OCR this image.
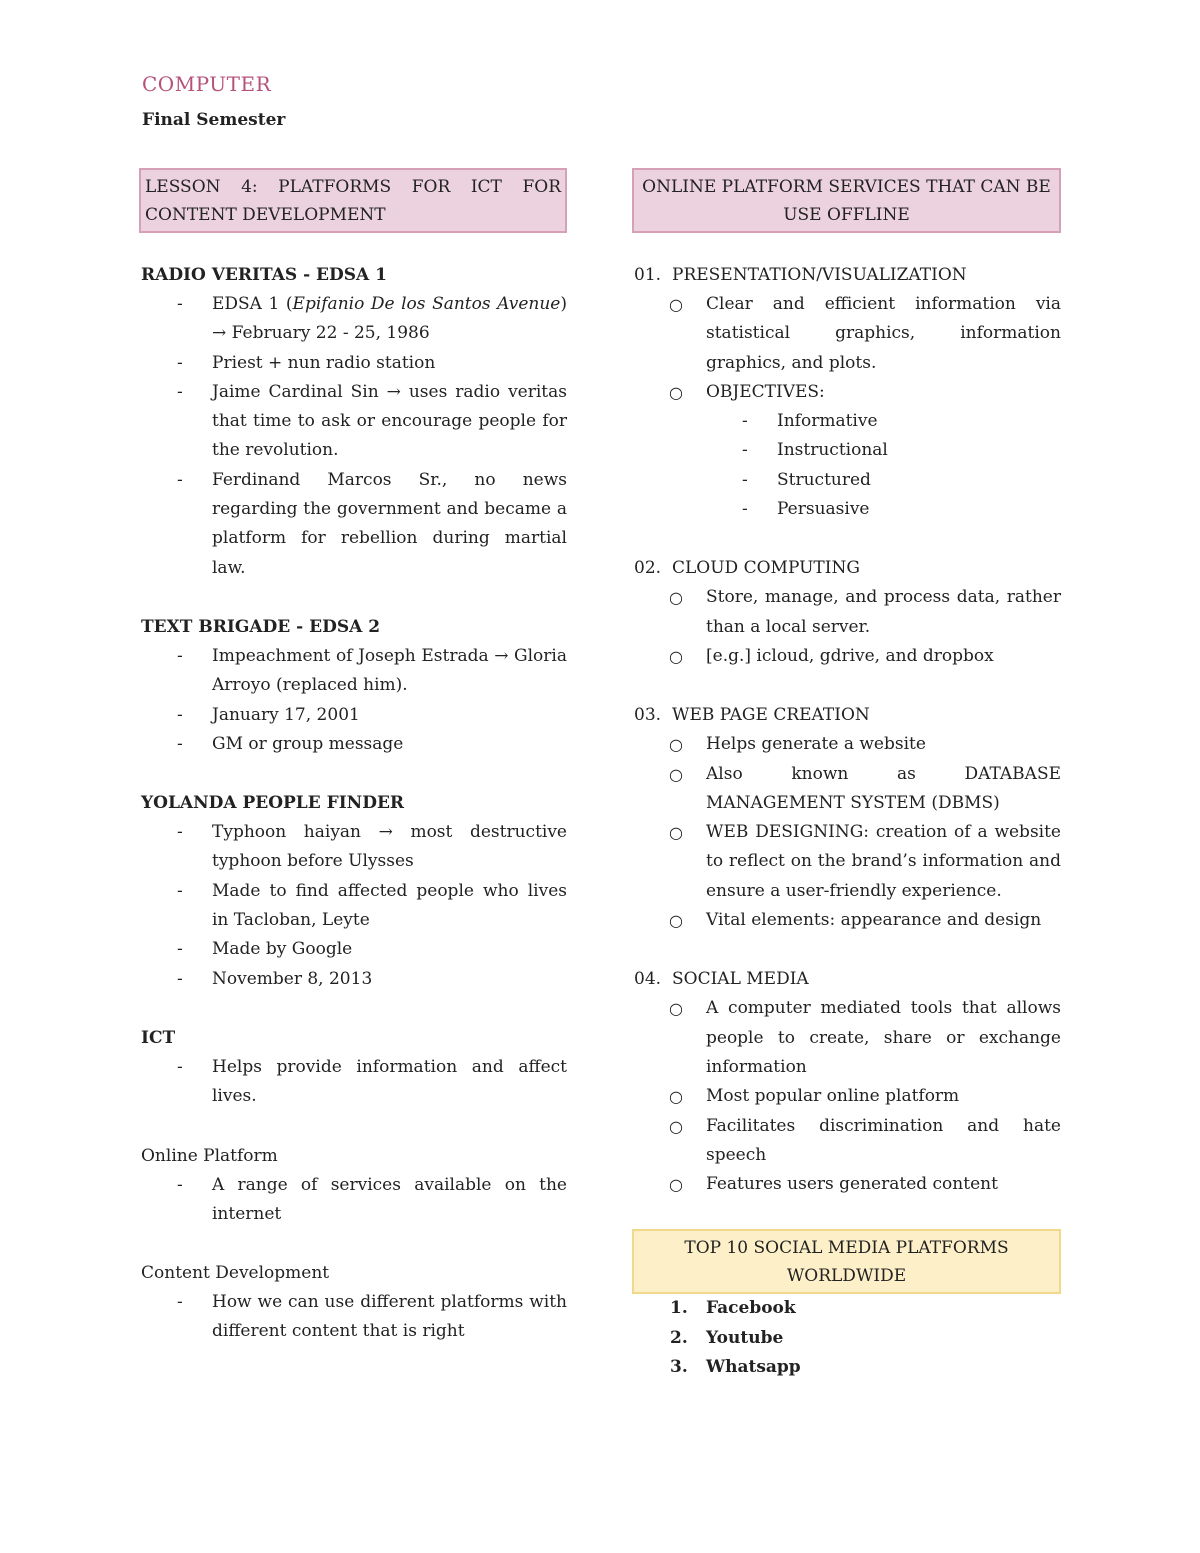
COMPUTER
Final Semester
LESSON 4: PLATFORMS FOR ICT FOR CONTENT DEVELOPMENT
RADIO VERITAS - EDSA 1
- EDSA 1 (Epifanio De los Santos Avenue) → February 22 - 25, 1986
- Priest + nun radio station
- Jaime Cardinal Sin → uses radio veritas that time to ask or encourage people for the revolution.
- Ferdinand Marcos Sr., no news regarding the government and became a platform for rebellion during martial law.
TEXT BRIGADE - EDSA 2
- Impeachment of Joseph Estrada → Gloria Arroyo (replaced him).
- January 17, 2001
- GM or group message
YOLANDA PEOPLE FINDER
- Typhoon haiyan → most destructive typhoon before Ulysses
- Made to find affected people who lives in Tacloban, Leyte
- Made by Google
- November 8, 2013
ICT
- Helps provide information and affect lives.
Online Platform
- A range of services available on the internet
Content Development
- How we can use different platforms with different content that is right
ONLINE PLATFORM SERVICES THAT CAN BE USE OFFLINE
01. PRESENTATION/VISUALIZATION
○ Clear and efficient information via statistical graphics, information graphics, and plots.
○ OBJECTIVES:
- Informative
- Instructional
- Structured
- Persuasive
02. CLOUD COMPUTING
○ Store, manage, and process data, rather than a local server.
○ [e.g.] icloud, gdrive, and dropbox
03. WEB PAGE CREATION
○ Helps generate a website
○ Also known as DATABASE MANAGEMENT SYSTEM (DBMS)
○ WEB DESIGNING: creation of a website to reflect on the brand’s information and ensure a user-friendly experience.
○ Vital elements: appearance and design
04. SOCIAL MEDIA
○ A computer mediated tools that allows people to create, share or exchange information
○ Most popular online platform
○ Facilitates discrimination and hate speech
○ Features users generated content
TOP 10 SOCIAL MEDIA PLATFORMS WORLDWIDE
1. Facebook
2. Youtube
3. Whatsapp
